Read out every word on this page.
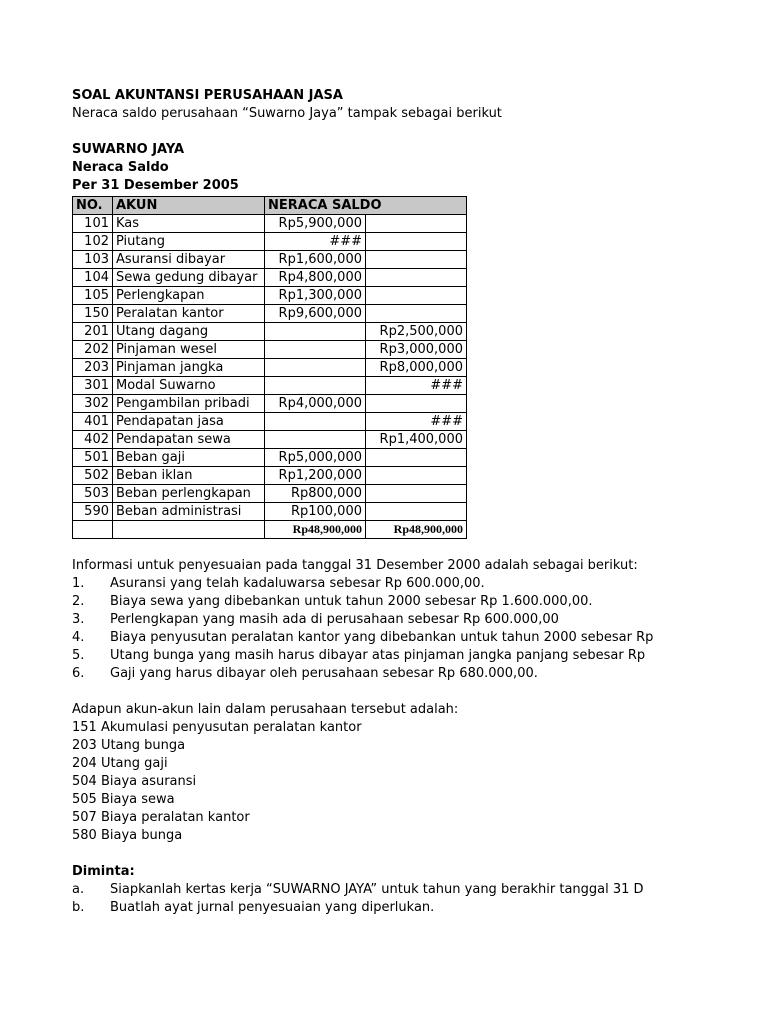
SOAL AKUNTANSI PERUSAHAAN JASA
Neraca saldo perusahaan “Suwarno Jaya” tampak sebagai berikut
SUWARNO JAYA
Neraca Saldo
Per 31 Desember 2005
NO.	AKUN	NERACA SALDO	
101	Kas	Rp5,900,000	
102	Piutang	###	
103	Asuransi dibayar	Rp1,600,000	
104	Sewa gedung dibayar	Rp4,800,000	
105	Perlengkapan	Rp1,300,000	
150	Peralatan kantor	Rp9,600,000	
201	Utang dagang		Rp2,500,000
202	Pinjaman wesel		Rp3,000,000
203	Pinjaman jangka		Rp8,000,000
301	Modal Suwarno		###
302	Pengambilan pribadi	Rp4,000,000	
401	Pendapatan jasa		###
402	Pendapatan sewa		Rp1,400,000
501	Beban gaji	Rp5,000,000	
502	Beban iklan	Rp1,200,000	
503	Beban perlengkapan	Rp800,000	
590	Beban administrasi	Rp100,000	
		Rp48,900,000	Rp48,900,000
Informasi untuk penyesuaian pada tanggal 31 Desember 2000 adalah sebagai berikut:
1.	Asuransi yang telah kadaluwarsa sebesar Rp 600.000,00.
2.	Biaya sewa yang dibebankan untuk tahun 2000 sebesar Rp 1.600.000,00.
3.	Perlengkapan yang masih ada di perusahaan sebesar Rp 600.000,00
4.	Biaya penyusutan peralatan kantor yang dibebankan untuk tahun 2000 sebesar Rp
5.	Utang bunga yang masih harus dibayar atas pinjaman jangka panjang sebesar Rp
6.	Gaji yang harus dibayar oleh perusahaan sebesar Rp 680.000,00.
Adapun akun-akun lain dalam perusahaan tersebut adalah:
151 Akumulasi penyusutan peralatan kantor
203 Utang bunga
204 Utang gaji
504 Biaya asuransi
505 Biaya sewa
507 Biaya peralatan kantor
580 Biaya bunga
Diminta:
a.	Siapkanlah kertas kerja “SUWARNO JAYA” untuk tahun yang berakhir tanggal 31 D
b.	Buatlah ayat jurnal penyesuaian yang diperlukan.
